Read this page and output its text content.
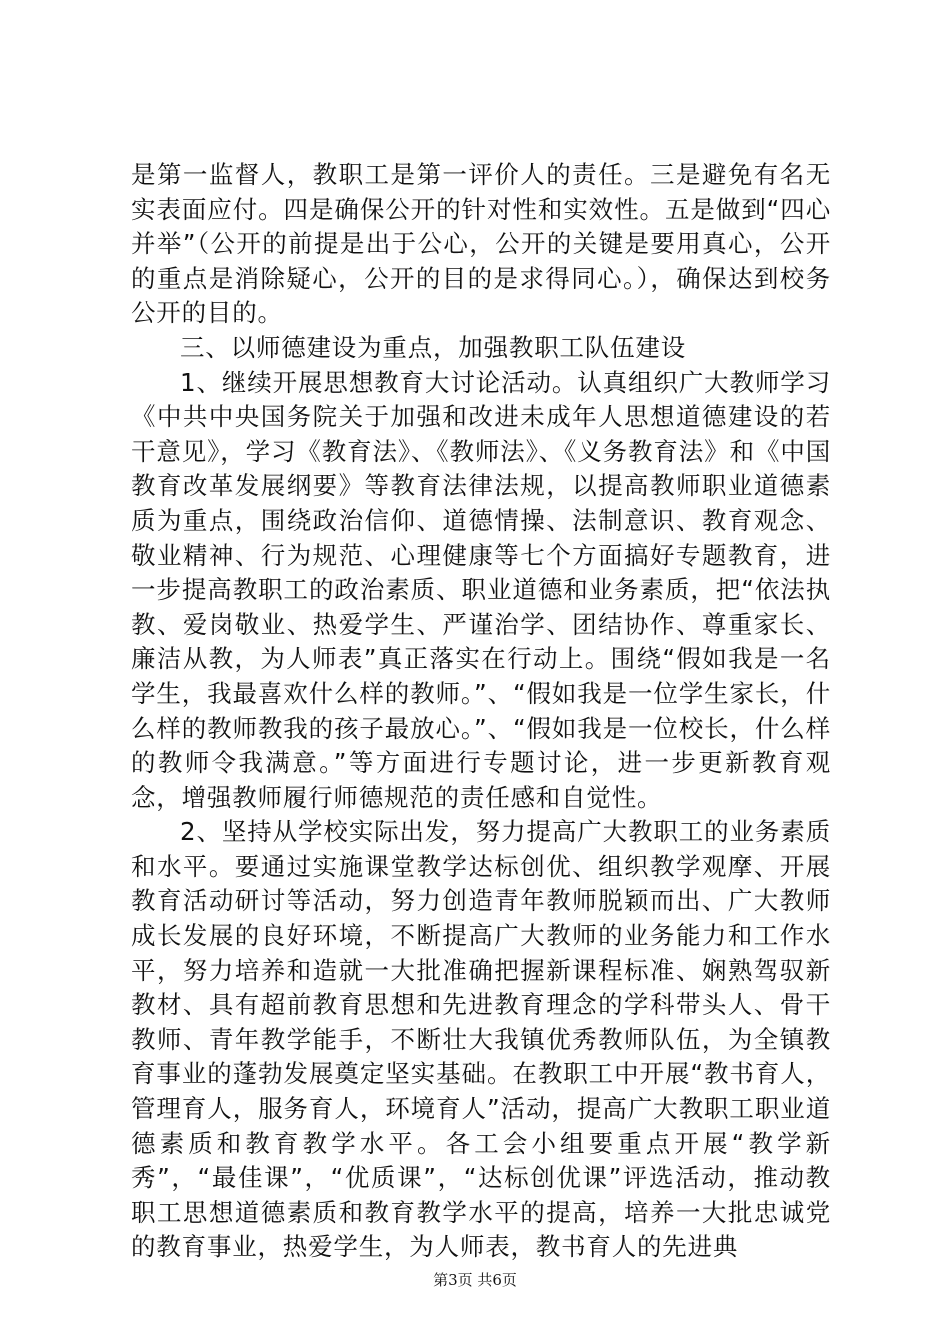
是第一监督人，教职工是第一评价人的责任。三是避免有名无实表面应付。四是确保公开的针对性和实效性。五是做到“四心并举”（公开的前提是出于公心，公开的关键是要用真心，公开的重点是消除疑心，公开的目的是求得同心。），确保达到校务公开的目的。

三、以师德建设为重点，加强教职工队伍建设

1、继续开展思想教育大讨论活动。认真组织广大教师学习《中共中央国务院关于加强和改进未成年人思想道德建设的若干意见》，学习《教育法》、《教师法》、《义务教育法》和《中国教育改革发展纲要》等教育法律法规，以提高教师职业道德素质为重点，围绕政治信仰、道德情操、法制意识、教育观念、敬业精神、行为规范、心理健康等七个方面搞好专题教育，进一步提高教职工的政治素质、职业道德和业务素质，把“依法执教、爱岗敬业、热爱学生、严谨治学、团结协作、尊重家长、廉洁从教，为人师表”真正落实在行动上。围绕“假如我是一名学生，我最喜欢什么样的教师。”、“假如我是一位学生家长，什么样的教师教我的孩子最放心。”、“假如我是一位校长，什么样的教师令我满意。”等方面进行专题讨论，进一步更新教育观念，增强教师履行师德规范的责任感和自觉性。

2、坚持从学校实际出发，努力提高广大教职工的业务素质和水平。要通过实施课堂教学达标创优、组织教学观摩、开展教育活动研讨等活动，努力创造青年教师脱颖而出、广大教师成长发展的良好环境，不断提高广大教师的业务能力和工作水平，努力培养和造就一大批准确把握新课程标准、娴熟驾驭新教材、具有超前教育思想和先进教育理念的学科带头人、骨干教师、青年教学能手，不断壮大我镇优秀教师队伍，为全镇教育事业的蓬勃发展奠定坚实基础。在教职工中开展“教书育人，管理育人，服务育人，环境育人”活动，提高广大教职工职业道德素质和教育教学水平。各工会小组要重点开展“教学新秀”，“最佳课”，“优质课”，“达标创优课”评选活动，推动教职工思想道德素质和教育教学水平的提高，培养一大批忠诚党的教育事业，热爱学生，为人师表，教书育人的先进典

第3页 共6页
